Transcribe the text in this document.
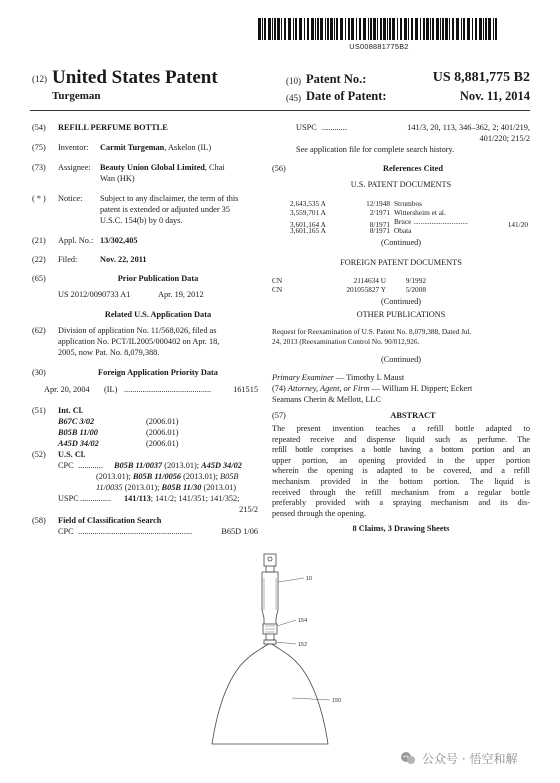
US008881775B2
(12) United States Patent
Turgeman
(10) Patent No.:	US 8,881,775 B2
(45) Date of Patent:	Nov. 11, 2014
(54) REFILL PERFUME BOTTLE
(75) Inventor: Carmit Turgeman, Askelon (IL)
(73) Assignee: Beauty Union Global Limited, Chai
Wan (HK)
( * ) Notice: Subject to any disclaimer, the term of this
patent is extended or adjusted under 35
U.S.C. 154(b) by 0 days.
(21) Appl. No.: 13/302,405
(22) Filed:	Nov. 22, 2011
(65)	Prior Publication Data
US 2012/0090733 A1	Apr. 19, 2012
Related U.S. Application Data
(62) Division of application No. 11/568,026, filed as
application No. PCT/IL2005/000402 on Apr. 18,
2005, now Pat. No. 8,079,388.
(30)	Foreign Application Priority Data
Apr. 20, 2004 (IL) ..........................................	161515
(51) Int. Cl.
B67C 3/02	(2006.01)
B05B 11/00	(2006.01)
A45D 34/02	(2006.01)
(52) U.S. Cl.
CPC ............ B05B 11/0037 (2013.01); A45D 34/02
(2013.01); B05B 11/0056 (2013.01); B05B
11/0035 (2013.01); B05B 11/30 (2013.01)
USPC ............... 141/113; 141/2; 141/351; 141/352;
215/2
(58) Field of Classification Search
CPC .......................................................	B65D 1/06
USPC ............	141/3, 20, 113, 346–362, 2; 401/219,
401/220; 215/2
See application file for complete search history.
(56)	References Cited
U.S. PATENT DOCUMENTS
2,643,535 A	12/1948 Strumbos
3,559,701 A	2/1971 Wittersheim et al.
3,601,164 A	8/1971 Bruce ..............................	141/20
3,601,165 A	8/1971 Obata
(Continued)
FOREIGN PATENT DOCUMENTS
CN	2114634 U	9/1992
CN	201055827 Y	5/2008
(Continued)
OTHER PUBLICATIONS
Request for Reexamination of U.S. Patent No. 8,079,388, Dated Jul.
24, 2013 (Reexamination Control No. 90/012,926.
(Continued)
Primary Examiner — Timothy L Maust
(74) Attorney, Agent, or Firm — William H. Dippert; Eckert
Seamans Cherin & Mellott, LLC
(57)	ABSTRACT
The present invention teaches a refill bottle adapted to
repeated receive and dispense liquid such as perfume. The
refill bottle comprises a bottle having a bottom portion and an
upper portion, an opening provided in the upper portion
wherein the opening is adapted to be covered, and a refill
mechanism provided in the bottom portion. The liquid is
received through the refill mechanism from a regular bottle
preferably provided with a spraying mechanism and its dis-
pensed through the opening.
8 Claims, 3 Drawing Sheets
10
154
152
150
公众号 · 悟空和解
